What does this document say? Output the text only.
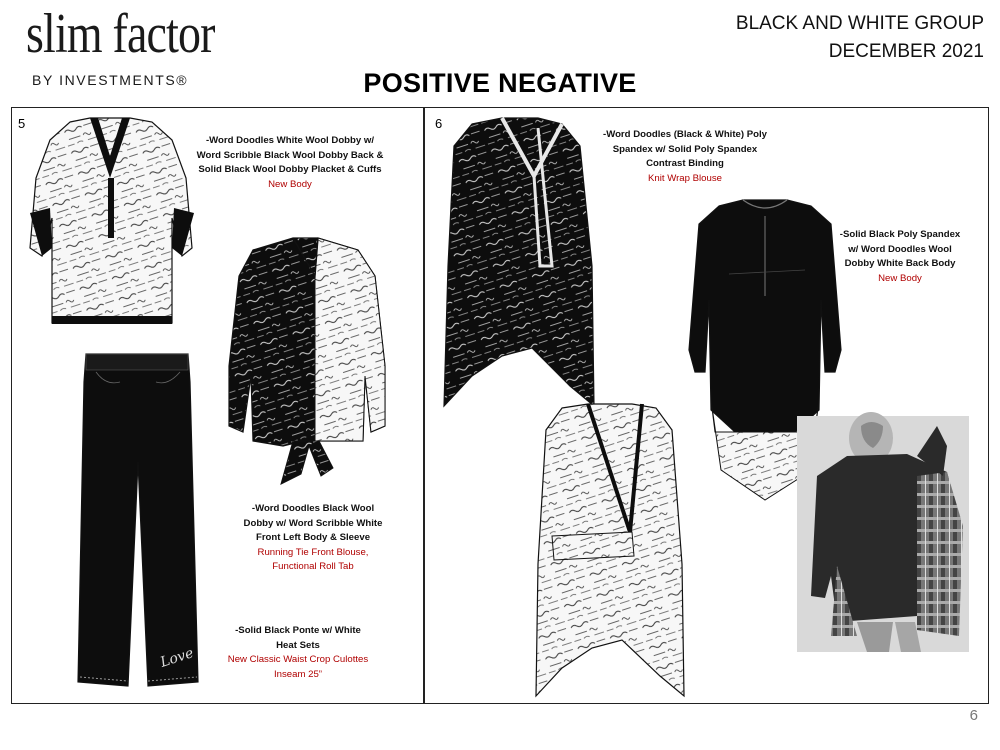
slim factor
BY INVESTMENTS®
BLACK AND WHITE GROUP
DECEMBER 2021
POSITIVE NEGATIVE
5	6
Love
-Word Doodles White Wool Dobby w/
Word Scribble Black Wool Dobby Back &
Solid Black Wool Dobby Placket & Cuffs
New Body
-Word Doodles Black Wool
Dobby w/ Word Scribble White
Front Left Body & Sleeve
Running Tie Front Blouse,
Functional Roll Tab
-Solid Black Ponte w/ White
Heat Sets
New Classic Waist Crop Culottes
Inseam 25”
-Word Doodles (Black & White) Poly
Spandex w/ Solid Poly Spandex
Contrast Binding
Knit Wrap Blouse
-Solid Black Poly Spandex
w/ Word Doodles Wool
Dobby White Back Body
New Body
6
